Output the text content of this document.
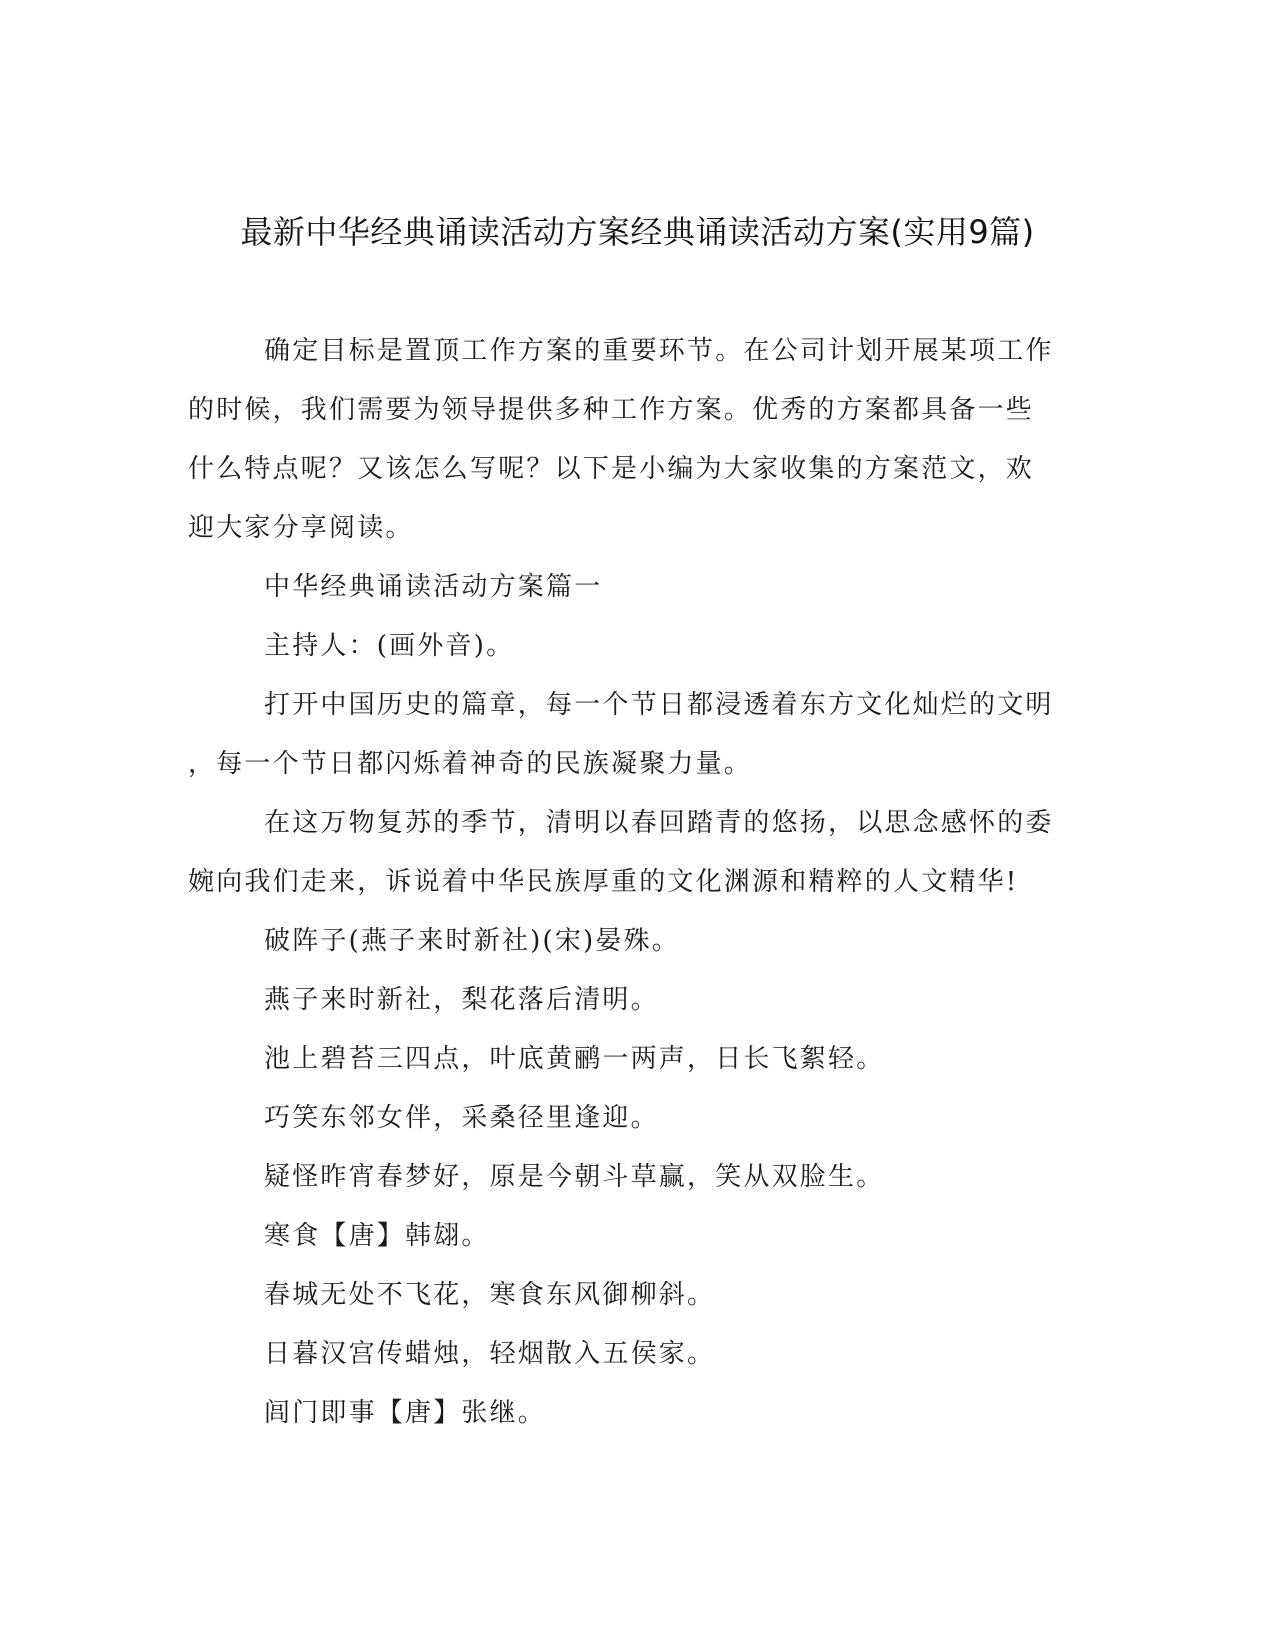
最新中华经典诵读活动方案经典诵读活动方案(实用9篇)

确定目标是置顶工作方案的重要环节。在公司计划开展某项工作

的时候，我们需要为领导提供多种工作方案。优秀的方案都具备一些

什么特点呢？又该怎么写呢？以下是小编为大家收集的方案范文，欢

迎大家分享阅读。

中华经典诵读活动方案篇一

主持人：(画外音)。

打开中国历史的篇章，每一个节日都浸透着东方文化灿烂的文明

，每一个节日都闪烁着神奇的民族凝聚力量。

在这万物复苏的季节，清明以春回踏青的悠扬，以思念感怀的委

婉向我们走来，诉说着中华民族厚重的文化渊源和精粹的人文精华!

破阵子(燕子来时新社)(宋)晏殊。

燕子来时新社，梨花落后清明。

池上碧苔三四点，叶底黄鹂一两声，日长飞絮轻。

巧笑东邻女伴，采桑径里逢迎。

疑怪昨宵春梦好，原是今朝斗草赢，笑从双脸生。

寒食【唐】韩翃。

春城无处不飞花，寒食东风御柳斜。

日暮汉宫传蜡烛，轻烟散入五侯家。

闾门即事【唐】张继。
